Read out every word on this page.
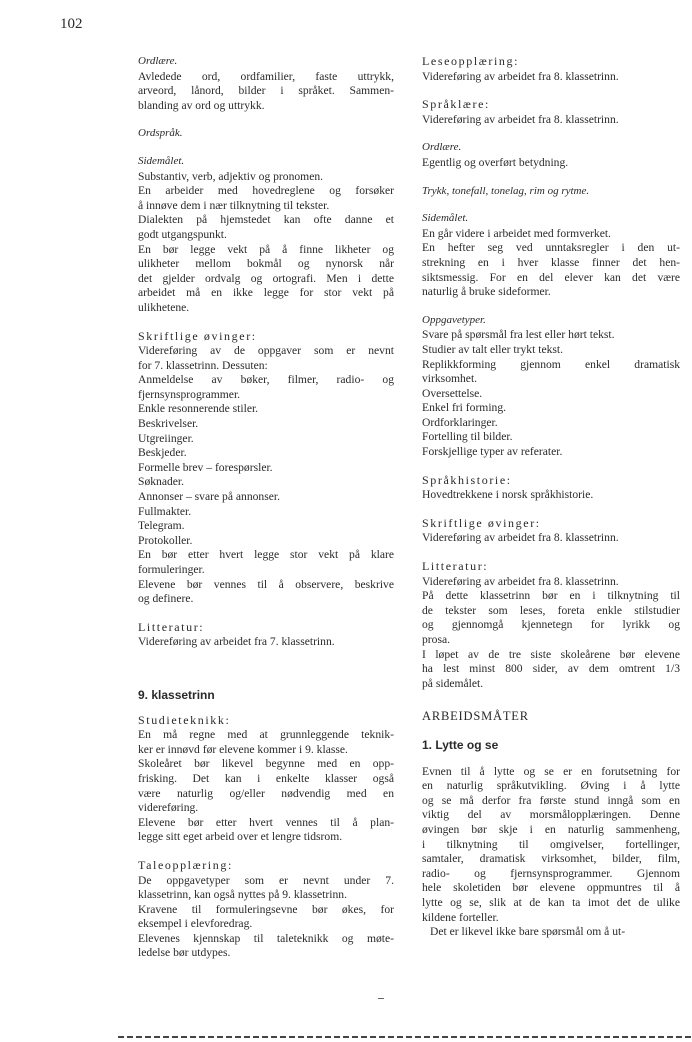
102
Ordlære.
Avledede ord, ordfamilier, faste uttrykk,
arveord, lånord, bilder i språket. Sammen-
blanding av ord og uttrykk.
Ordspråk.
Sidemålet.
Substantiv, verb, adjektiv og pronomen.
En arbeider med hovedreglene og forsøker
å innøve dem i nær tilknytning til tekster.
Dialekten på hjemstedet kan ofte danne et
godt utgangspunkt.
En bør legge vekt på å finne likheter og
ulikheter mellom bokmål og nynorsk når
det gjelder ordvalg og ortografi. Men i dette
arbeidet må en ikke legge for stor vekt på
ulikhetene.
Skriftlige øvinger:
Videreføring av de oppgaver som er nevnt
for 7. klassetrinn. Dessuten:
Anmeldelse av bøker, filmer, radio- og
fjernsynsprogrammer.
Enkle resonnerende stiler.
Beskrivelser.
Utgreiinger.
Beskjeder.
Formelle brev – forespørsler.
Søknader.
Annonser – svare på annonser.
Fullmakter.
Telegram.
Protokoller.
En bør etter hvert legge stor vekt på klare
formuleringer.
Elevene bør vennes til å observere, beskrive
og definere.
Litteratur:
Videreføring av arbeidet fra 7. klassetrinn.
9. klassetrinn
Studieteknikk:
En må regne med at grunnleggende teknik-
ker er innøvd før elevene kommer i 9. klasse.
Skoleåret bør likevel begynne med en opp-
frisking. Det kan i enkelte klasser også
være naturlig og/eller nødvendig med en
videreføring.
Elevene bør etter hvert vennes til å plan-
legge sitt eget arbeid over et lengre tidsrom.
Taleopplæring:
De oppgavetyper som er nevnt under 7.
klassetrinn, kan også nyttes på 9. klassetrinn.
Kravene til formuleringsevne bør økes, for
eksempel i elevforedrag.
Elevenes kjennskap til taleteknikk og møte-
ledelse bør utdypes.
Leseopplæring:
Videreføring av arbeidet fra 8. klassetrinn.
Språklære:
Videreføring av arbeidet fra 8. klassetrinn.
Ordlære.
Egentlig og overført betydning.
Trykk, tonefall, tonelag, rim og rytme.
Sidemålet.
En går videre i arbeidet med formverket.
En hefter seg ved unntaksregler i den ut-
strekning en i hver klasse finner det hen-
siktsmessig. For en del elever kan det være
naturlig å bruke sideformer.
Oppgavetyper.
Svare på spørsmål fra lest eller hørt tekst.
Studier av talt eller trykt tekst.
Replikkforming gjennom enkel dramatisk
virksomhet.
Oversettelse.
Enkel fri forming.
Ordforklaringer.
Fortelling til bilder.
Forskjellige typer av referater.
Språkhistorie:
Hovedtrekkene i norsk språkhistorie.
Skriftlige øvinger:
Videreføring av arbeidet fra 8. klassetrinn.
Litteratur:
Videreføring av arbeidet fra 8. klassetrinn.
På dette klassetrinn bør en i tilknytning til
de tekster som leses, foreta enkle stilstudier
og gjennomgå kjennetegn for lyrikk og
prosa.
I løpet av de tre siste skoleårene bør elevene
ha lest minst 800 sider, av dem omtrent 1/3
på sidemålet.
ARBEIDSMÅTER
1. Lytte og se
Evnen til å lytte og se er en forutsetning for
en naturlig språkutvikling. Øving i å lytte
og se må derfor fra første stund inngå som en
viktig del av morsmålopplæringen. Denne
øvingen bør skje i en naturlig sammenheng,
i tilknytning til omgivelser, fortellinger,
samtaler, dramatisk virksomhet, bilder, film,
radio- og fjernsynsprogrammer. Gjennom
hele skoletiden bør elevene oppmuntres til å
lytte og se, slik at de kan ta imot det de ulike
kildene forteller.
Det er likevel ikke bare spørsmål om å ut-
